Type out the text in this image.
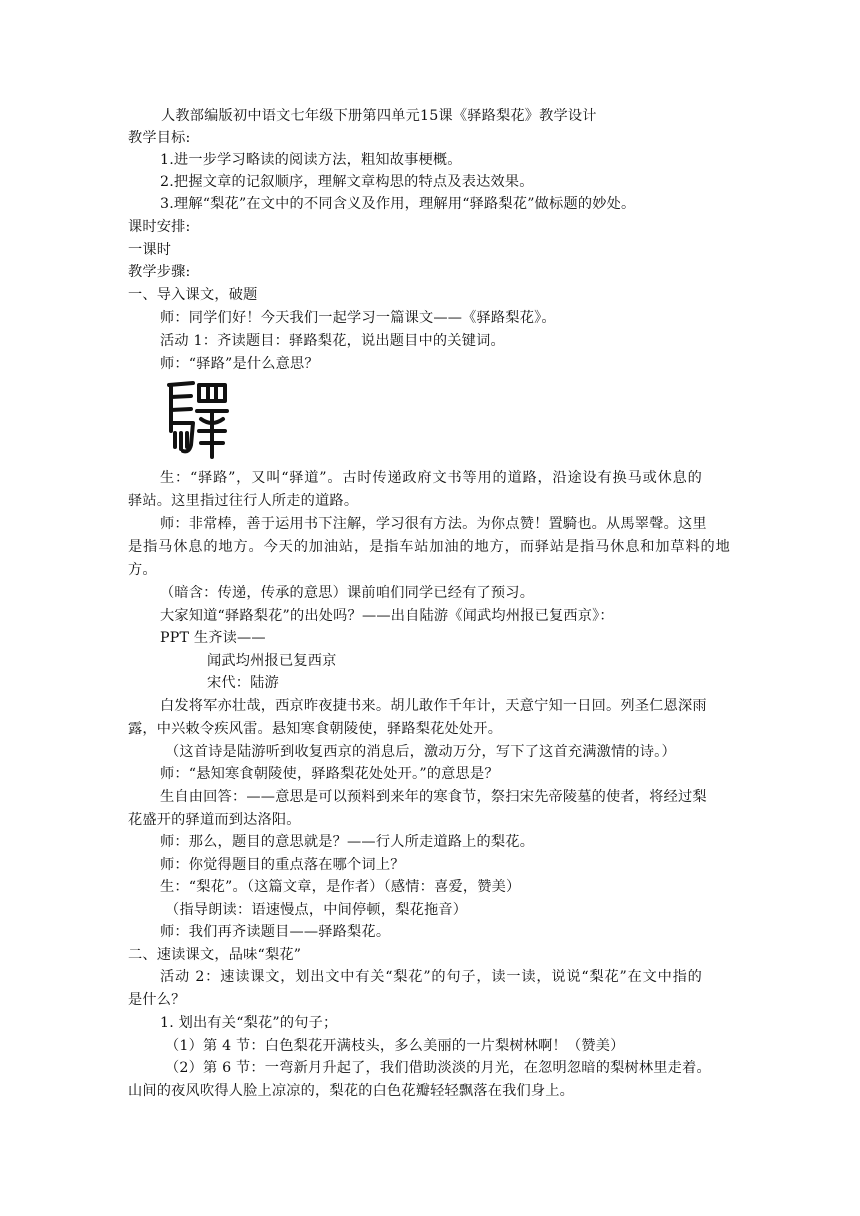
人教部编版初中语文七年级下册第四单元15课《驿路梨花》教学设计
教学目标:
1.进一步学习略读的阅读方法，粗知故事梗概。
2.把握文章的记叙顺序，理解文章构思的特点及表达效果。
3.理解“梨花”在文中的不同含义及作用，理解用“驿路梨花”做标题的妙处。
课时安排:
一课时
教学步骤:
一、导入课文，破题
师：同学们好！今天我们一起学习一篇课文——《驿路梨花》。
活动 1：齐读题目：驿路梨花，说出题目中的关键词。
师：“驿路”是什么意思？
生：“驿路”，又叫“驿道”。古时传递政府文书等用的道路，沿途设有换马或休息的
驿站。这里指过往行人所走的道路。
师：非常棒，善于运用书下注解，学习很有方法。为你点赞！置騎也。从馬睪聲。这里
是指马休息的地方。今天的加油站，是指车站加油的地方，而驿站是指马休息和加草料的地
方。
（暗含：传递，传承的意思）课前咱们同学已经有了预习。
大家知道“驿路梨花”的出处吗？——出自陆游《闻武均州报已复西京》：
PPT 生齐读——
闻武均州报已复西京
宋代：陆游
白发将军亦壮哉，西京昨夜捷书来。胡儿敢作千年计，天意宁知一日回。列圣仁恩深雨
露，中兴敕令疾风雷。悬知寒食朝陵使，驿路梨花处处开。
（这首诗是陆游听到收复西京的消息后，激动万分，写下了这首充满激情的诗。）
师：“悬知寒食朝陵使，驿路梨花处处开。”的意思是？
生自由回答：——意思是可以预料到来年的寒食节，祭扫宋先帝陵墓的使者，将经过梨
花盛开的驿道而到达洛阳。
师：那么，题目的意思就是？——行人所走道路上的梨花。
师：你觉得题目的重点落在哪个词上？
生：“梨花”。（这篇文章，是作者）（感情：喜爱，赞美）
（指导朗读：语速慢点，中间停顿，梨花拖音）
师：我们再齐读题目——驿路梨花。
二、速读课文，品味“梨花”
活动 2：速读课文，划出文中有关“梨花”的句子，读一读，说说“梨花”在文中指的
是什么？
1. 划出有关“梨花”的句子；
（1）第 4 节：白色梨花开满枝头，多么美丽的一片梨树林啊！（赞美）
（2）第 6 节：一弯新月升起了，我们借助淡淡的月光，在忽明忽暗的梨树林里走着。
山间的夜风吹得人脸上凉凉的，梨花的白色花瓣轻轻飘落在我们身上。
